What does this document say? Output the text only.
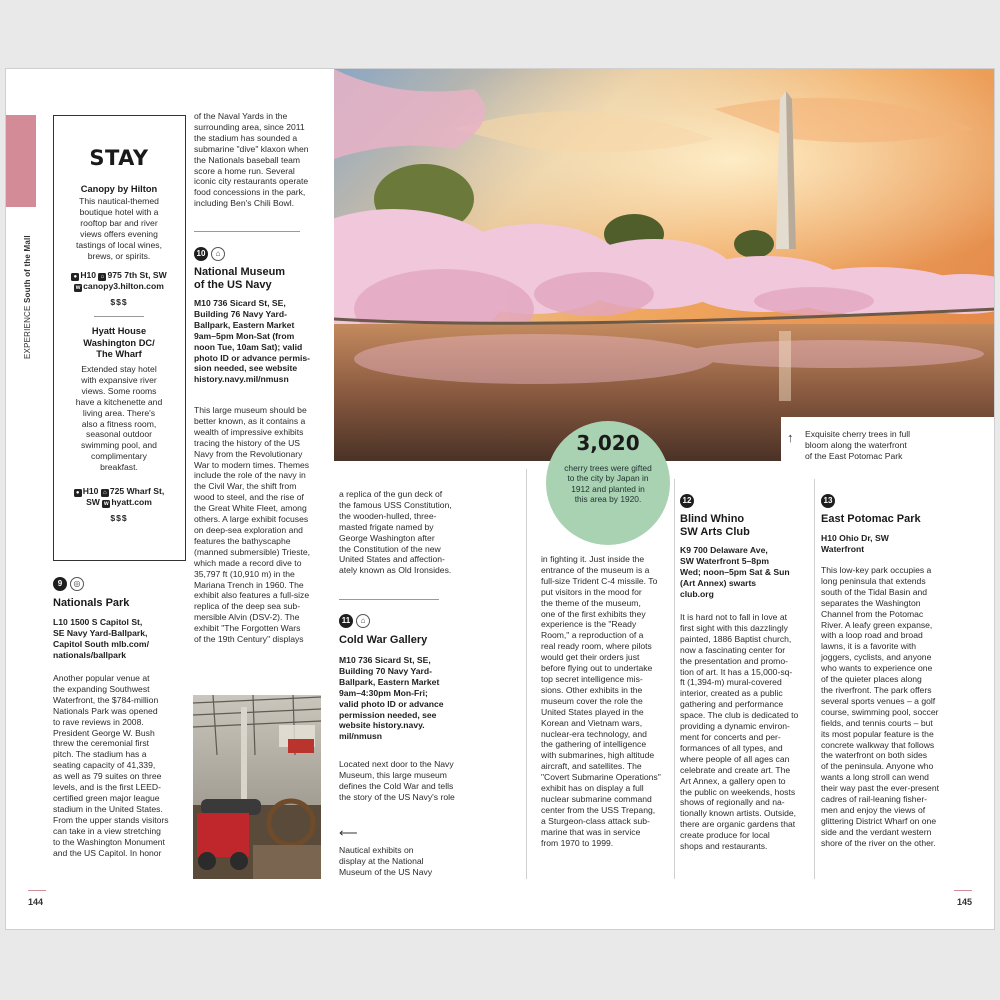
EXPERIENCE South of the Mall
STAY
Canopy by Hilton

This nautical-themed

boutique hotel with a

rooftop bar and river

views offers evening

tastings of local wines,

brews, or spirits.

● H10 ⌂ 975 7th St, SW

w canopy3.hilton.com

$$$

Hyatt House

Washington DC/

The Wharf

Extended stay hotel

with expansive river

views. Some rooms

have a kitchenette and

living area. There's

also a fitness room,

seasonal outdoor

swimming pool, and

complimentary

breakfast.

● H10 ⌂ 725 Wharf St,

SW w hyatt.com

$$$
9	◎
Nationals Park

L10 1500 S Capitol St,

SE Navy Yard-Ballpark,

Capitol South mlb.com/

nationals/ballpark

Another popular venue at

the expanding Southwest

Waterfront, the $784-million

Nationals Park was opened

to rave reviews in 2008.

President George W. Bush

threw the ceremonial first

pitch. The stadium has a

seating capacity of 41,339,

as well as 79 suites on three

levels, and is the first LEED-

certified green major league

stadium in the United States.

From the upper stands visitors

can take in a view stretching

to the Washington Monument

and the US Capitol. In honor

of the Naval Yards in the

surrounding area, since 2011

the stadium has sounded a

submarine "dive" klaxon when

the Nationals baseball team

score a home run. Several

iconic city restaurants operate

food concessions in the park,

including Ben's Chili Bowl.

10	⌂

National Museum

of the US Navy

M10 736 Sicard St, SE,

Building 76 Navy Yard-

Ballpark, Eastern Market

9am–5pm Mon-Sat (from

noon Tue, 10am Sat); valid

photo ID or advance permis-

sion needed, see website

history.navy.mil/nmusn

This large museum should be

better known, as it contains a

wealth of impressive exhibits

tracing the history of the US

Navy from the Revolutionary

War to modern times. Themes

include the role of the navy in

the Civil War, the shift from

wood to steel, and the rise of

the Great White Fleet, among

others. A large exhibit focuses

on deep-sea exploration and

features the bathyscaphe

(manned submersible) Trieste,

which made a record dive to

35,797 ft (10,910 m) in the

Mariana Trench in 1960. The

exhibit also features a full-size

replica of the deep sea sub-

mersible Alvin (DSV-2). The

exhibit "The Forgotten Wars

of the 19th Century" displays

a replica of the gun deck of

the famous USS Constitution,

the wooden-hulled, three-

masted frigate named by

George Washington after

the Constitution of the new

United States and affection-

ately known as Old Ironsides.

11	⌂
Cold War Gallery

M10 736 Sicard St, SE,

Building 70 Navy Yard-

Ballpark, Eastern Market

9am–4:30pm Mon-Fri;

valid photo ID or advance

permission needed, see

website history.navy.

mil/nmusn

Located next door to the Navy

Museum, this large museum

defines the Cold War and tells

the story of the US Navy's role

⟵

Nautical exhibits on

display at the National

Museum of the US Navy

in fighting it. Just inside the

entrance of the museum is a

full-size Trident C-4 missile. To

put visitors in the mood for

the theme of the museum,

one of the first exhibits they

experience is the "Ready

Room," a reproduction of a

real ready room, where pilots

would get their orders just

before flying out to undertake

top secret intelligence mis-

sions. Other exhibits in the

museum cover the role the

United States played in the

Korean and Vietnam wars,

nuclear-era technology, and

the gathering of intelligence

with submarines, high altitude

aircraft, and satellites. The

"Covert Submarine Operations"

exhibit has on display a full

nuclear submarine command

center from the USS Trepang,

a Sturgeon-class attack sub-

marine that was in service

from 1970 to 1999.

↑ Exquisite cherry trees in full

bloom along the waterfront

of the East Potomac Park

3,020

cherry trees were gifted

to the city by Japan in

1912 and planted in

this area by 1920.	12

Blind Whino

SW Arts Club

K9 700 Delaware Ave,

SW Waterfront 5–8pm

Wed; noon–5pm Sat & Sun

(Art Annex) swarts

club.org

It is hard not to fall in love at

first sight with this dazzlingly

painted, 1886 Baptist church,

now a fascinating center for

the presentation and promo-

tion of art. It has a 15,000-sq-

ft (1,394-m) mural-covered

interior, created as a public

gathering and performance

space. The club is dedicated to

providing a dynamic environ-

ment for concerts and per-

formances of all types, and

where people of all ages can

celebrate and create art. The

Art Annex, a gallery open to

the public on weekends, hosts

shows of regionally and na-

tionally known artists. Outside,

there are organic gardens that

create produce for local

shops and restaurants.

13
East Potomac Park

H10 Ohio Dr, SW

Waterfront

This low-key park occupies a

long peninsula that extends

south of the Tidal Basin and

separates the Washington

Channel from the Potomac

River. A leafy green expanse,

with a loop road and broad

lawns, it is a favorite with

joggers, cyclists, and anyone

who wants to experience one

of the quieter places along

the riverfront. The park offers

several sports venues – a golf

course, swimming pool, soccer

fields, and tennis courts – but

its most popular feature is the

concrete walkway that follows

the waterfront on both sides

of the peninsula. Anyone who

wants a long stroll can wend

their way past the ever-present

cadres of rail-leaning fisher-

men and enjoy the views of

glittering District Wharf on one

side and the verdant western

shore of the river on the other.

144	145
